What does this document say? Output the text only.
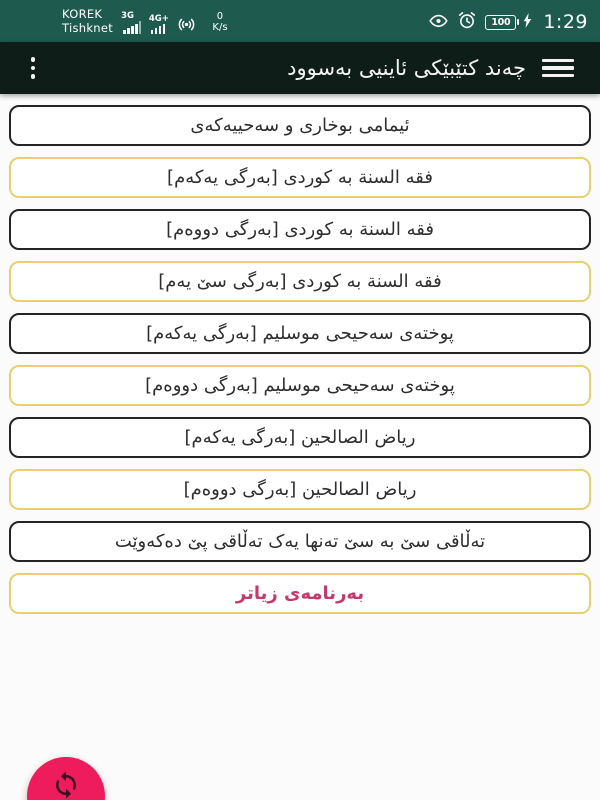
KOREK
Tishknet
3G 4G+	0
K/s	100 1:29
چەند کتێبێکی ئاینیی بەسوود
ئیمامی بوخاری و سەحییەکەی
فقه السنة بە کوردی [بەرگی یەکەم]
فقه السنة بە کوردی [بەرگی دووەم]
فقه السنة بە کوردی [بەرگی سێ یەم]
پوختەی سەحیحی موسلیم [بەرگی یەکەم]
پوختەی سەحیحی موسلیم [بەرگی دووەم]
ریاض الصالحین [بەرگی یەکەم]
ریاض الصالحین [بەرگی دووەم]
تەڵاقی سێ بە سێ تەنها یەک تەڵاقی پێ دەکەوێت
بەرنامەی زیاتر
